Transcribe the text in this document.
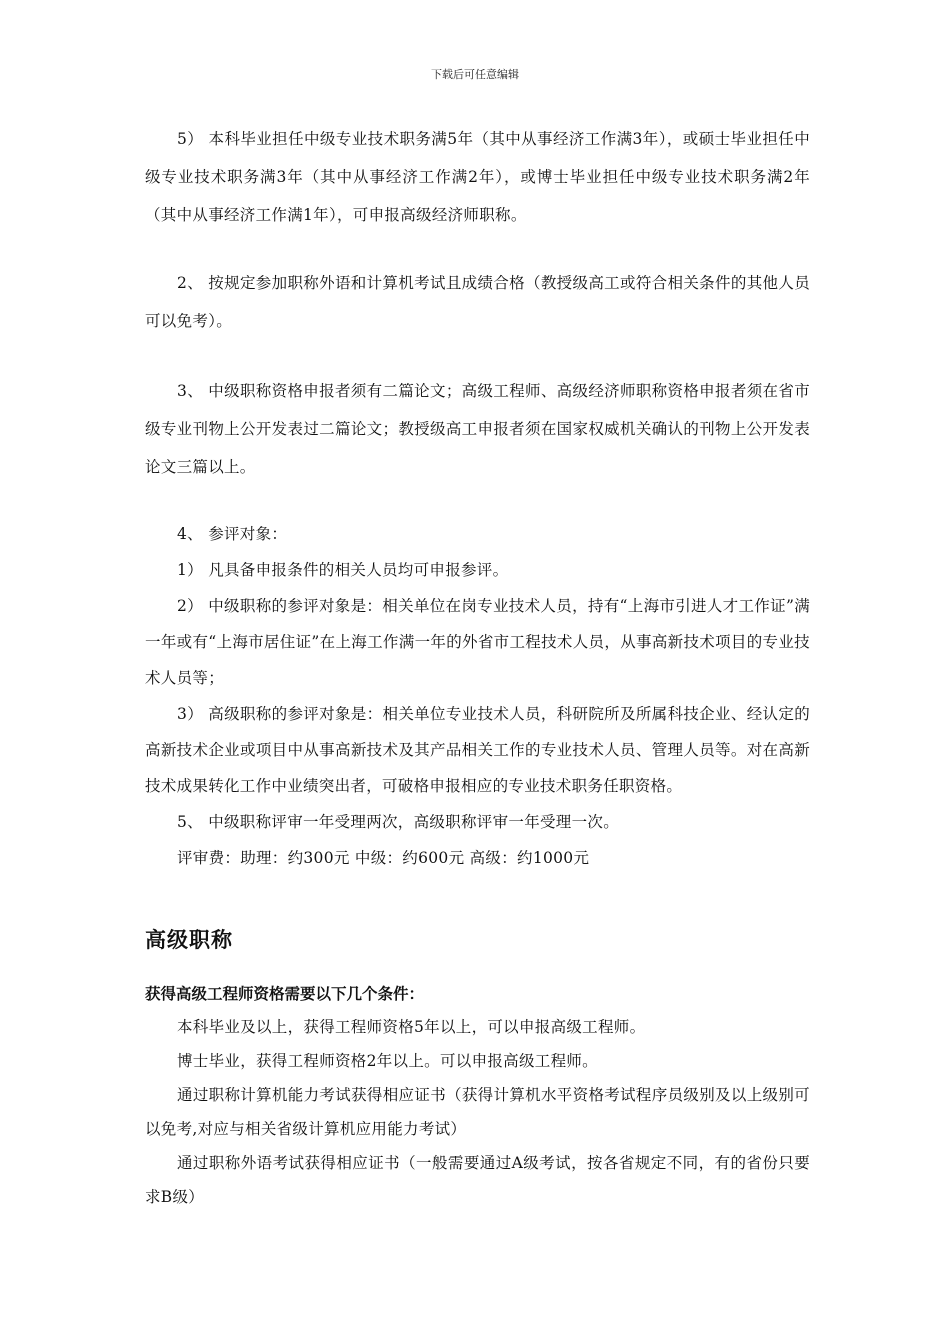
下载后可任意编辑

5） 本科毕业担任中级专业技术职务满5年（其中从事经济工作满3年），或硕士毕业担任中级专业技术职务满3年（其中从事经济工作满2年），或博士毕业担任中级专业技术职务满2年（其中从事经济工作满1年），可申报高级经济师职称。

2、 按规定参加职称外语和计算机考试且成绩合格（教授级高工或符合相关条件的其他人员可以免考）。

3、 中级职称资格申报者须有二篇论文；高级工程师、高级经济师职称资格申报者须在省市级专业刊物上公开发表过二篇论文；教授级高工申报者须在国家权威机关确认的刊物上公开发表论文三篇以上。

4、 参评对象：

1） 凡具备申报条件的相关人员均可申报参评。

2） 中级职称的参评对象是：相关单位在岗专业技术人员，持有“上海市引进人才工作证”满一年或有“上海市居住证”在上海工作满一年的外省市工程技术人员，从事高新技术项目的专业技术人员等；

3） 高级职称的参评对象是：相关单位专业技术人员，科研院所及所属科技企业、经认定的高新技术企业或项目中从事高新技术及其产品相关工作的专业技术人员、管理人员等。对在高新技术成果转化工作中业绩突出者，可破格申报相应的专业技术职务任职资格。

5、 中级职称评审一年受理两次，高级职称评审一年受理一次。

评审费：助理：约300元 中级：约600元 高级：约1000元

高级职称
获得高级工程师资格需要以下几个条件：

本科毕业及以上，获得工程师资格5年以上，可以申报高级工程师。

博士毕业，获得工程师资格2年以上。可以申报高级工程师。

通过职称计算机能力考试获得相应证书（获得计算机水平资格考试程序员级别及以上级别可以免考,对应与相关省级计算机应用能力考试）

通过职称外语考试获得相应证书（一般需要通过A级考试，按各省规定不同，有的省份只要求B级）
